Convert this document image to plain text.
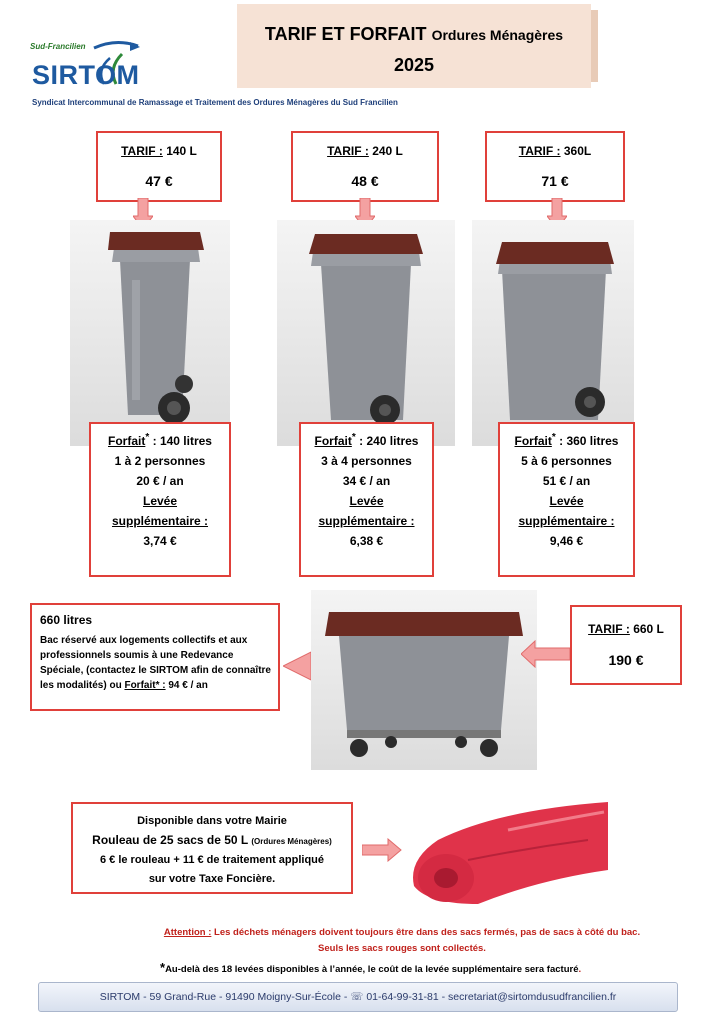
TARIF ET FORFAIT Ordures Ménagères
2025
Sud-Francilien
SIRTOM
Syndicat Intercommunal de Ramassage et Traitement des Ordures Ménagères du Sud Francilien
TARIF : 140 L
47 €
TARIF : 240 L
48 €
TARIF : 360L
71 €
Forfait* : 140 litres
1 à 2 personnes
20 € / an
Levée
supplémentaire :
3,74 €
Forfait* : 240 litres
3 à 4 personnes
34 € / an
Levée
supplémentaire :
6,38 €
Forfait* : 360 litres
5 à 6 personnes
51 € / an
Levée
supplémentaire :
9,46 €
660 litres
Bac réservé aux logements collectifs et aux professionnels soumis à une Redevance Spéciale, (contactez le SIRTOM afin de connaître les modalités) ou Forfait* : 94 € / an
TARIF : 660 L
190 €
Disponible dans votre Mairie
Rouleau de 25 sacs de 50 L (Ordures Ménagères)
6 € le rouleau + 11 € de traitement appliqué
sur votre Taxe Foncière.
Attention : Les déchets ménagers doivent toujours être dans des sacs fermés, pas de sacs à côté du bac.
Seuls les sacs rouges sont collectés.
*Au-delà des 18 levées disponibles à l’année, le coût de la levée supplémentaire sera facturé.
SIRTOM - 59 Grand-Rue - 91490 Moigny-Sur-École - ☏ 01-64-99-31-81 - secretariat@sirtomdusudfrancilien.fr
